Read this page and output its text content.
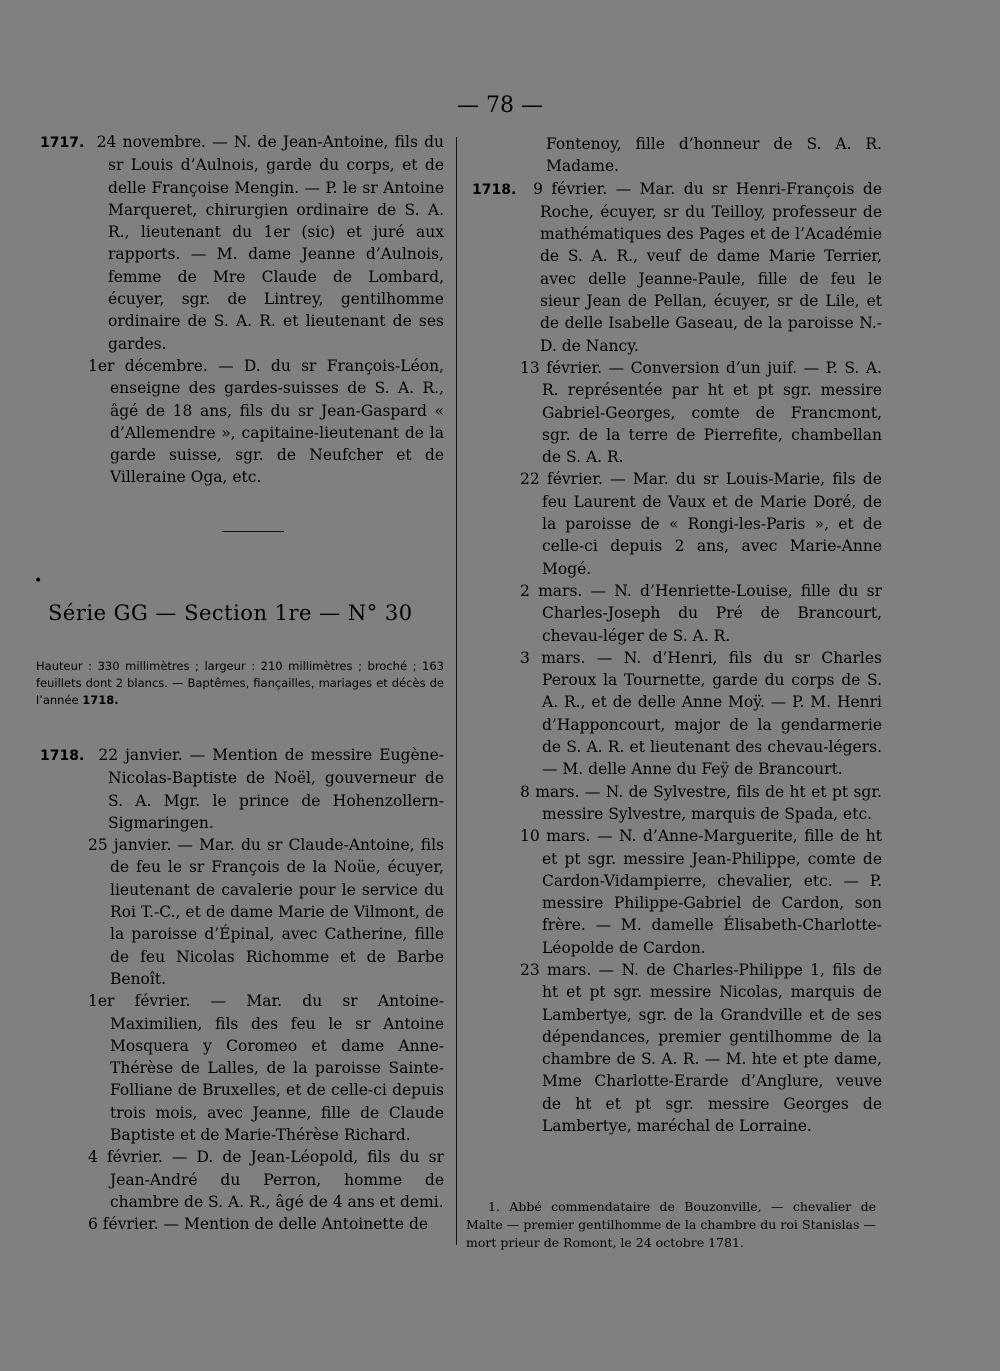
— 78 —

1717. 24 novembre. — N. de Jean-Antoine, fils du sr Louis d’Aulnois, garde du corps, et de delle Françoise Mengin. — P. le sr Antoine Marqueret, chirurgien ordinaire de S. A. R., lieutenant du 1er (sic) et juré aux rapports. — M. dame Jeanne d’Aulnois, femme de Mre Claude de Lombard, écuyer, sgr. de Lintrey, gentilhomme ordinaire de S. A. R. et lieutenant de ses gardes.

1er décembre. — D. du sr François-Léon, enseigne des gardes-suisses de S. A. R., âgé de 18 ans, fils du sr Jean-Gaspard « d’Allemendre », capitaine-lieutenant de la garde suisse, sgr. de Neufcher et de Villeraine Oga, etc.

•
Série GG — Section 1re — N° 30
Hauteur : 330 millimètres ; largeur : 210 millimètres ; broché ; 163 feuillets dont 2 blancs. — Baptêmes, fiançailles, mariages et décès de l’année 1718.

1718. 22 janvier. — Mention de messire Eugène-Nicolas-Baptiste de Noël, gouverneur de S. A. Mgr. le prince de Hohenzollern-Sigmaringen.

25 janvier. — Mar. du sr Claude-Antoine, fils de feu le sr François de la Noüe, écuyer, lieutenant de cavalerie pour le service du Roi T.-C., et de dame Marie de Vilmont, de la paroisse d’Épinal, avec Catherine, fille de feu Nicolas Richomme et de Barbe Benoît.

1er février. — Mar. du sr Antoine-Maximilien, fils des feu le sr Antoine Mosquera y Coromeo et dame Anne-Thérèse de Lalles, de la paroisse Sainte-Folliane de Bruxelles, et de celle-ci depuis trois mois, avec Jeanne, fille de Claude Baptiste et de Marie-Thérèse Richard.

4 février. — D. de Jean-Léopold, fils du sr Jean-André du Perron, homme de chambre de S. A. R., âgé de 4 ans et demi.

6 février. — Mention de delle Antoinette de

Fontenoy, fille d’honneur de S. A. R. Madame.

1718. 9 février. — Mar. du sr Henri-François de Roche, écuyer, sr du Teilloy, professeur de mathématiques des Pages et de l’Académie de S. A. R., veuf de dame Marie Terrier, avec delle Jeanne-Paule, fille de feu le sieur Jean de Pellan, écuyer, sr de Lile, et de delle Isabelle Gaseau, de la paroisse N.-D. de Nancy.

13 février. — Conversion d’un juif. — P. S. A. R. représentée par ht et pt sgr. messire Gabriel-Georges, comte de Francmont, sgr. de la terre de Pierrefite, chambellan de S. A. R.

22 février. — Mar. du sr Louis-Marie, fils de feu Laurent de Vaux et de Marie Doré, de la paroisse de « Rongi-les-Paris », et de celle-ci depuis 2 ans, avec Marie-Anne Mogé.

2 mars. — N. d’Henriette-Louise, fille du sr Charles-Joseph du Pré de Brancourt, chevau-léger de S. A. R.

3 mars. — N. d’Henri, fils du sr Charles Peroux la Tournette, garde du corps de S. A. R., et de delle Anne Moÿ. — P. M. Henri d’Happoncourt, major de la gendarmerie de S. A. R. et lieutenant des chevau-légers. — M. delle Anne du Feÿ de Brancourt.

8 mars. — N. de Sylvestre, fils de ht et pt sgr. messire Sylvestre, marquis de Spada, etc.

10 mars. — N. d’Anne-Marguerite, fille de ht et pt sgr. messire Jean-Philippe, comte de Cardon-Vidampierre, chevalier, etc. — P. messire Philippe-Gabriel de Cardon, son frère. — M. damelle Élisabeth-Charlotte-Léopolde de Cardon.

23 mars. — N. de Charles-Philippe 1, fils de ht et pt sgr. messire Nicolas, marquis de Lambertye, sgr. de la Grandville et de ses dépendances, premier gentilhomme de la chambre de S. A. R. — M. hte et pte dame, Mme Charlotte-Erarde d’Anglure, veuve de ht et pt sgr. messire Georges de Lambertye, maréchal de Lorraine.

1. Abbé commendataire de Bouzonville, — chevalier de Malte — premier gentilhomme de la chambre du roi Stanislas — mort prieur de Romont, le 24 octobre 1781.
